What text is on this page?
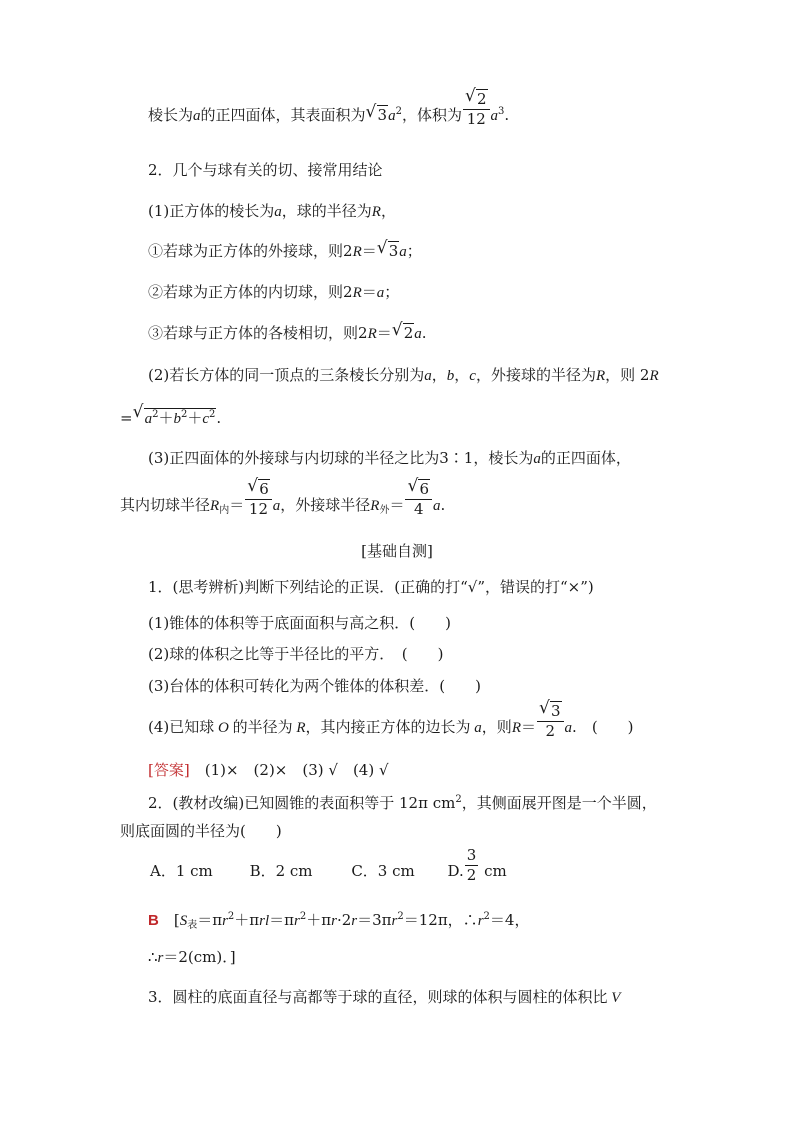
棱长为a的正四面体，其表面积为 √ $3a^2$，体积为 $\frac{√ 2}{12} a^3$.
2．几个与球有关的切、接常用结论
(1)正方体的棱长为a，球的半径为R，
①若球为正方体的外接球，则2R＝ √ 3a；
②若球为正方体的内切球，则2R＝a；
③若球与正方体的各棱相切，则2R＝ √ 2a.
(2)若长方体的同一顶点的三条棱长分别为a，b，c，外接球的半径为R，则 2R
= √ $a^2+b^2+c^2$.
(3)正四面体的外接球与内切球的半径之比为3∶1，棱长为a的正四面体，
其内切球半径$R_内= \frac{√ 6}{12}$ a，外接球半径$R_外= \frac{√ 6}{4} a$.
[基础自测]
1．(思考辨析)判断下列结论的正误．(正确的打“√”，错误的打“×”)
(1)锥体的体积等于底面面积与高之积．(　　)
(2)球的体积之比等于半径比的平方．　(　　)
(3)台体的体积可转化为两个锥体的体积差．(　　)
(4)已知球 O 的半径为 R，其内接正方体的边长为 a，则$R= \frac{√ 3}{2} a$.　(　　)
[答案]　 (1)×　(2)×　(3) √　(4) √
2．(教材改编)已知圆锥的表面积等于 12π $cm^2$，其侧面展开图是一个半圆，
则底面圆的半径为(　　)
A．1 cm B．2 cm	C．3 cm D. $\frac{3}{2}$ cm
B　 [$S_表=\pi r^2+\pi rl=\pi r^2+\pi r\cdot 2r=3\pi r^2=12\pi$，$\therefore r^2=4$，
∴r＝2(cm)．]
3．圆柱的底面直径与高都等于球的直径，则球的体积与圆柱的体积比 V
